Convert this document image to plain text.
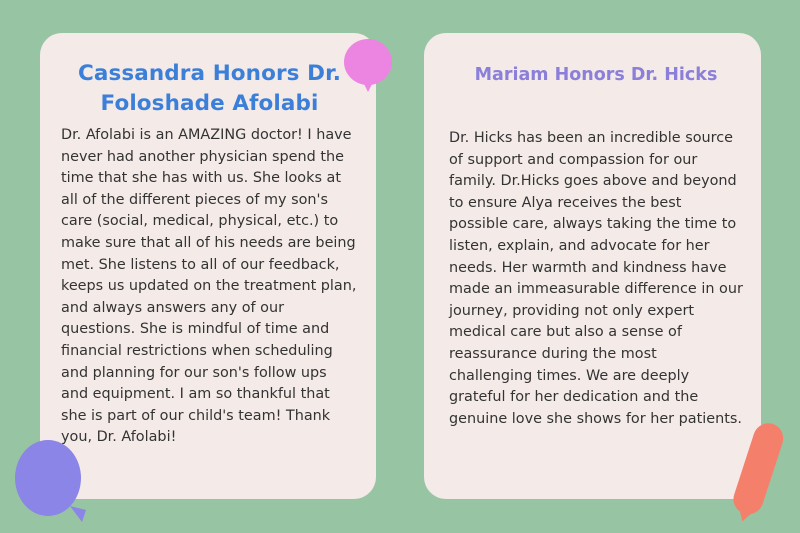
Cassandra Honors Dr. Foloshade Afolabi

Dr. Afolabi is an AMAZING doctor! I have never had another physician spend the time that she has with us. She looks at all of the different pieces of my son's care (social, medical, physical, etc.) to make sure that all of his needs are being met. She listens to all of our feedback, keeps us updated on the treatment plan, and always answers any of our questions. She is mindful of time and financial restrictions when scheduling and planning for our son's follow ups and equipment. I am so thankful that she is part of our child's team! Thank you, Dr. Afolabi!

Mariam Honors Dr. Hicks

Dr. Hicks has been an incredible source of support and compassion for our family. Dr.Hicks goes above and beyond to ensure Alya receives the best possible care, always taking the time to listen, explain, and advocate for her needs. Her warmth and kindness have made an immeasurable difference in our journey, providing not only expert medical care but also a sense of reassurance during the most challenging times. We are deeply grateful for her dedication and the genuine love she shows for her patients.
